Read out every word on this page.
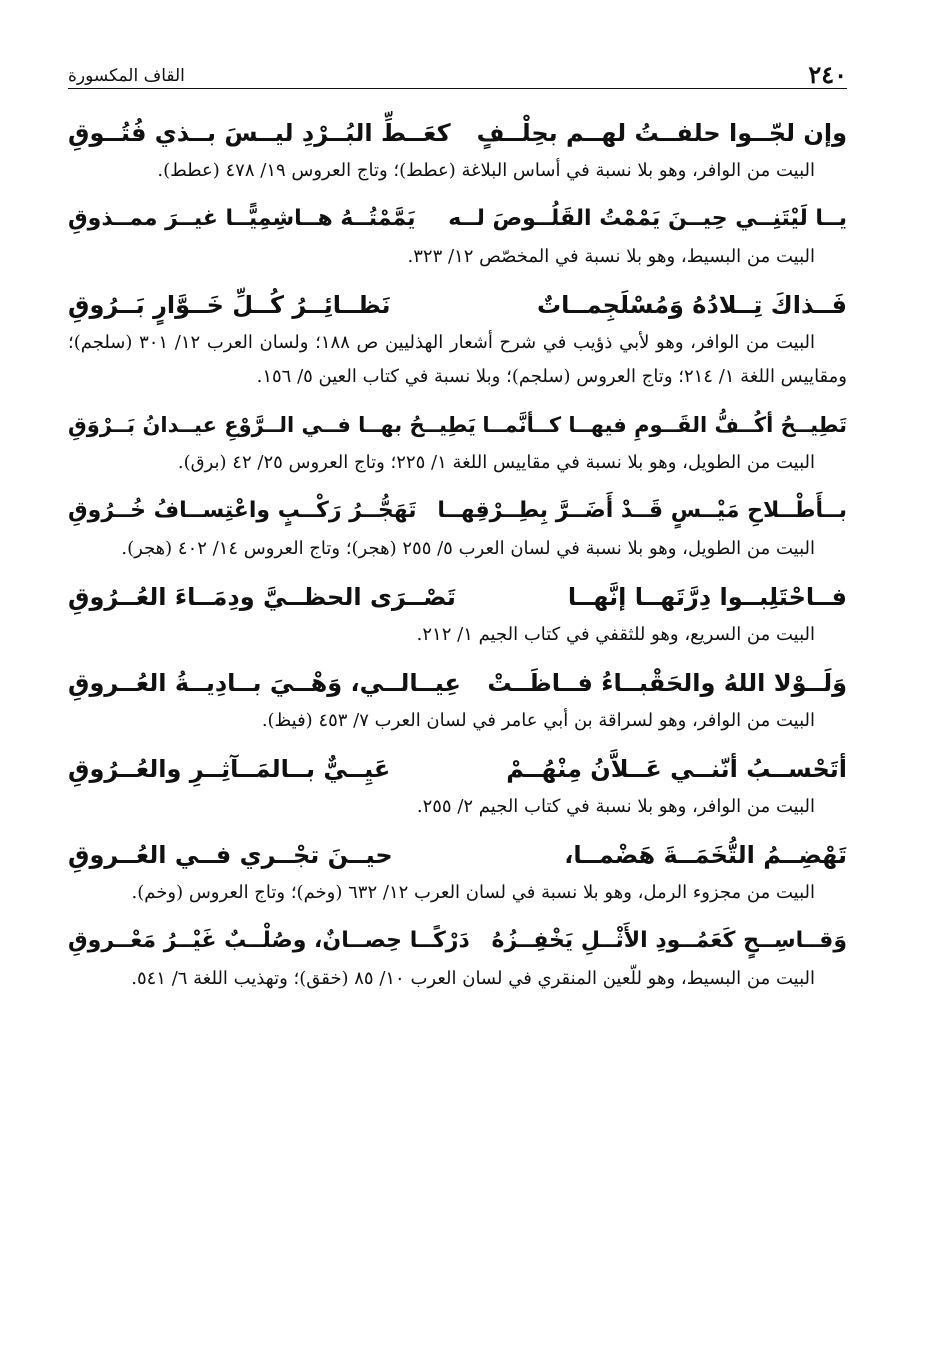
٢٤٠
القاف المكسورة
وإن لجّــوا حلفــتُ لهــم بحِلْــفٍ
كعَــطِّ البُــرْدِ ليــسَ بــذي فُتُــوقِ

البيت من الوافر، وهو بلا نسبة في أساس البلاغة (عطط)؛ وتاج العروس ١٩/ ٤٧٨ (عطط).

يــا لَيْتَنِــي حِيــنَ يَمْمْتُ القَلُــوصَ لــه
يَمَّمْتُــهُ هــاشِمِيًّــا غيــرَ ممــذوقِ

البيت من البسيط، وهو بلا نسبة في المخصّص ١٢/ ٣٢٣.

فَــذاكَ تِــلادُهُ وَمُسْلَجِمــاتٌ
نَظــائِــرُ كُــلِّ خَــوَّارٍ بَــرُوقِ

البيت من الوافر، وهو لأبي ذؤيب في شرح أشعار الهذليين ص ١٨٨؛ ولسان العرب ١٢/ ٣٠١ (سلجم)؛ ومقاييس اللغة ١/ ٢١٤؛ وتاج العروس (سلجم)؛ وبلا نسبة في كتاب العين ٥/ ١٥٦.

تَطِيــحُ أكُــفُّ القَــومِ فيهــا كــأنَّمــا
يَطِيــحُ بهــا فــي الــرَّوْعِ عيــدانُ بَــرْوَقِ

البيت من الطويل، وهو بلا نسبة في مقاييس اللغة ١/ ٢٢٥؛ وتاج العروس ٢٥/ ٤٢ (برق).

بــأَطْــلاحِ مَيْــسٍ قَــدْ أَضَــرَّ بِطِــرْقِهــا
تَهَجُّــرُ رَكْــبٍ واعْتِســافُ خُــرُوقِ

البيت من الطويل، وهو بلا نسبة في لسان العرب ٥/ ٢٥٥ (هجر)؛ وتاج العروس ١٤/ ٤٠٢ (هجر).

فــاحْتَلِبــوا دِرَّتَهــا إنَّهــا
تَصْــرَى الحظــيَّ ودِمَــاءَ العُــرُوقِ

البيت من السريع، وهو للثقفي في كتاب الجيم ١/ ٢١٢.

وَلَــوْلا اللهُ والحَقْبــاءُ فــاظَــتْ
عِيــالــي، وَهْــيَ بــادِيــةُ العُــروقِ

البيت من الوافر، وهو لسراقة بن أبي عامر في لسان العرب ٧/ ٤٥٣ (فيظ).

أتَحْســبُ أنّنــي عَــلاَّنُ مِنْهُــمْ
عَيِــيٌّ بــالمَــآثِــرِ والعُــرُوقِ

البيت من الوافر، وهو بلا نسبة في كتاب الجيم ٢/ ٢٥٥.

تَهْضِــمُ التُّخَمَــةَ هَضْمــا،
حيــنَ تجْــري فــي العُــروقِ

البيت من مجزوء الرمل، وهو بلا نسبة في لسان العرب ١٢/ ٦٣٢ (وخم)؛ وتاج العروس (وخم).

وَقــاسِــحٍ كَعَمُــودِ الأَثْــلِ يَخْفِــزُهُ
دَرْكًــا حِصــانٌ، وصُلْــبٌ غَيْــرُ مَعْــروقِ

البيت من البسيط، وهو للّعين المنقري في لسان العرب ١٠/ ٨٥ (خقق)؛ وتهذيب اللغة ٦/ ٥٤١.
